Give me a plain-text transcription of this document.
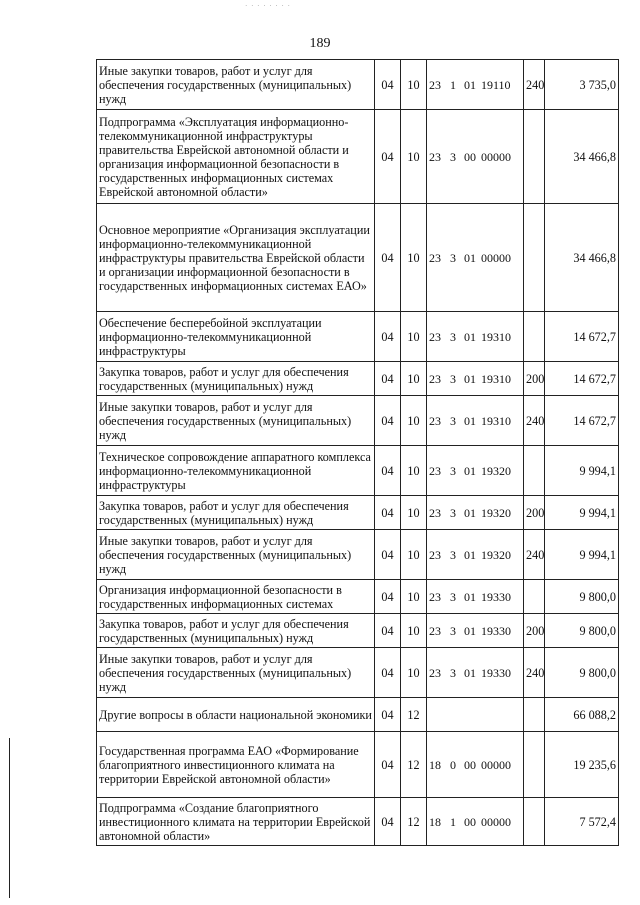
· · · · · · · ·
189
Иные закупки товаров, работ и услуг для обеспечения государственных (муниципальных) нужд	04	10	23 1 01 19110	240	3 735,0
Подпрограмма «Эксплуатация информационно-телекоммуникационной инфраструктуры правительства Еврейской автономной области и организация информационной безопасности в государственных информационных системах Еврейской автономной области»	04	10	23 3 00 00000		34 466,8
Основное мероприятие «Организация эксплуатации информационно-телекоммуникационной инфраструктуры правительства Еврейской области и организации информационной безопасности в государственных информационных системах ЕАО»	04	10	23 3 01 00000		34 466,8
Обеспечение бесперебойной эксплуатации информационно-телекоммуникационной инфраструктуры	04	10	23 3 01 19310		14 672,7
Закупка товаров, работ и услуг для обеспечения государственных (муниципальных) нужд	04	10	23 3 01 19310	200	14 672,7
Иные закупки товаров, работ и услуг для обеспечения государственных (муниципальных) нужд	04	10	23 3 01 19310	240	14 672,7
Техническое сопровождение аппаратного комплекса информационно-телекоммуникационной инфраструктуры	04	10	23 3 01 19320		9 994,1
Закупка товаров, работ и услуг для обеспечения государственных (муниципальных) нужд	04	10	23 3 01 19320	200	9 994,1
Иные закупки товаров, работ и услуг для обеспечения государственных (муниципальных) нужд	04	10	23 3 01 19320	240	9 994,1
Организация информационной безопасности в государственных информационных системах	04	10	23 3 01 19330		9 800,0
Закупка товаров, работ и услуг для обеспечения государственных (муниципальных) нужд	04	10	23 3 01 19330	200	9 800,0
Иные закупки товаров, работ и услуг для обеспечения государственных (муниципальных) нужд	04	10	23 3 01 19330	240	9 800,0
Другие вопросы в области национальной экономики	04	12			66 088,2
Государственная программа ЕАО «Формирование благоприятного инвестиционного климата на территории Еврейской автономной области»	04	12	18 0 00 00000		19 235,6
Подпрограмма «Создание благоприятного инвестиционного климата на территории Еврейской автономной области»	04	12	18 1 00 00000		7 572,4
